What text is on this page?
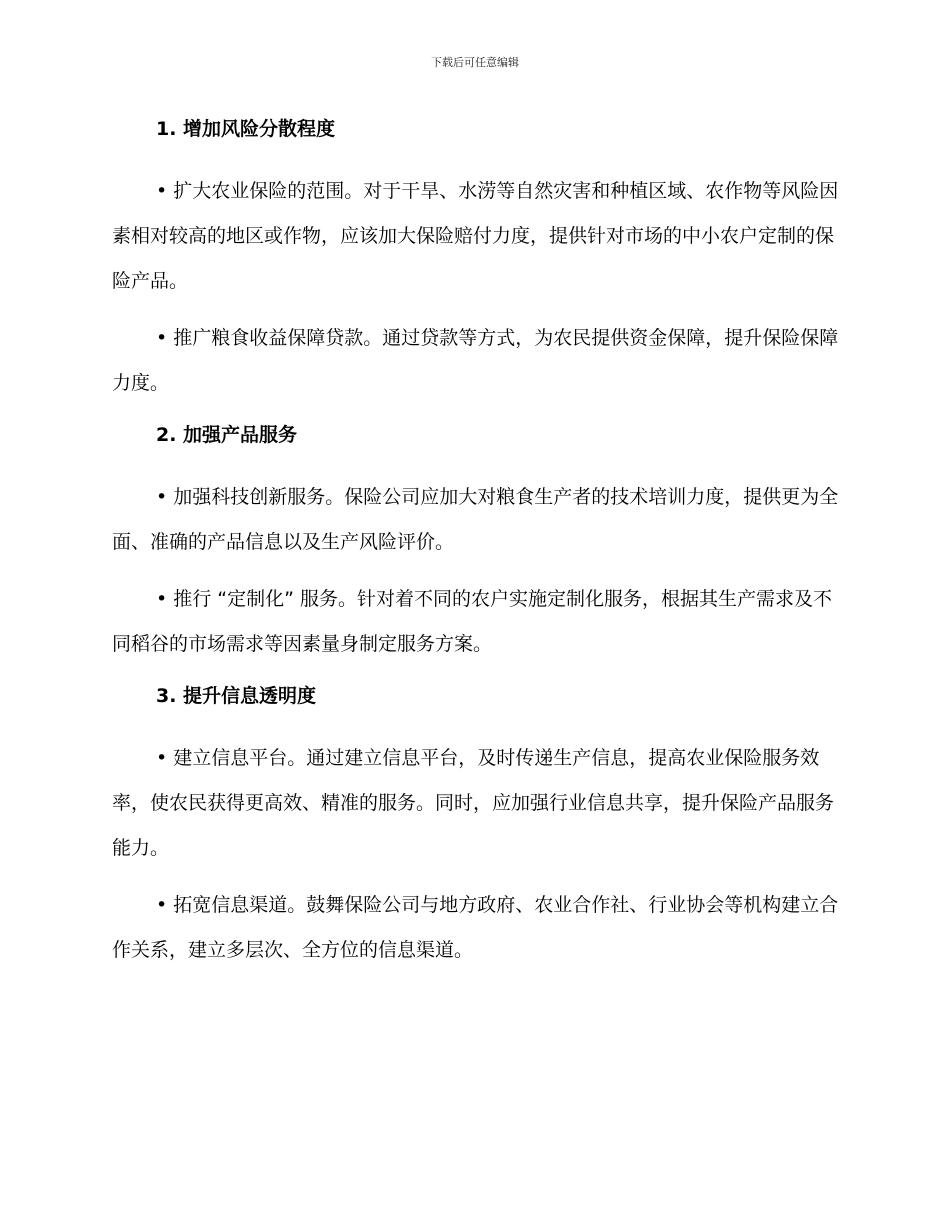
下载后可任意编辑
1. 增加风险分散程度

• 扩大农业保险的范围。对于干旱、水涝等自然灾害和种植区域、农作物等风险因素相对较高的地区或作物，应该加大保险赔付力度，提供针对市场的中小农户定制的保险产品。

• 推广粮食收益保障贷款。通过贷款等方式，为农民提供资金保障，提升保险保障力度。

2. 加强产品服务

• 加强科技创新服务。保险公司应加大对粮食生产者的技术培训力度，提供更为全面、准确的产品信息以及生产风险评价。

• 推行 “定制化” 服务。针对着不同的农户实施定制化服务，根据其生产需求及不同稻谷的市场需求等因素量身制定服务方案。

3. 提升信息透明度

• 建立信息平台。通过建立信息平台，及时传递生产信息，提高农业保险服务效率，使农民获得更高效、精准的服务。同时，应加强行业信息共享，提升保险产品服务能力。

• 拓宽信息渠道。鼓舞保险公司与地方政府、农业合作社、行业协会等机构建立合作关系，建立多层次、全方位的信息渠道。
